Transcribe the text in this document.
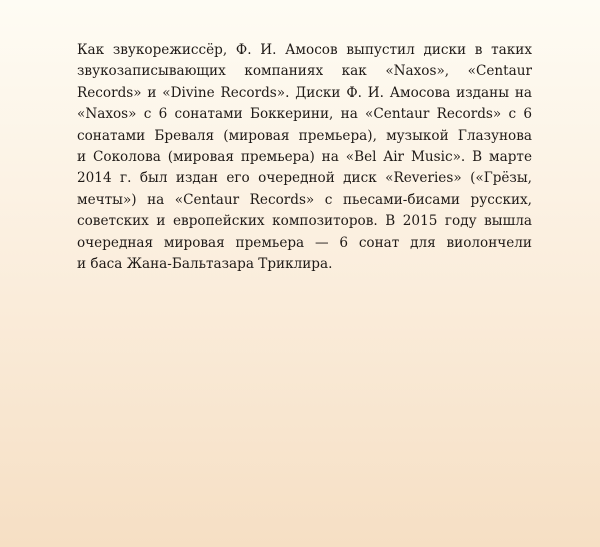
Как звукорежиссёр, Ф. И. Амосов выпустил диски в таких
звукозаписывающих компаниях как «Naxos», «Centaur
Records» и «Divine Records». Диски Ф. И. Амосова изданы на
«Naxos» с 6 сонатами Боккерини, на «Centaur Records» с 6
сонатами Бреваля (мировая премьера), музыкой Глазунова
и Соколова (мировая премьера) на «Bel Air Music». В марте
2014 г. был издан его очередной диск «Reveries» («Грёзы,
мечты») на «Centaur Records» с пьесами-бисами русских,
советских и европейских композиторов. В 2015 году вышла
очередная мировая премьера — 6 сонат для виолончели
и баса Жана-Бальтазара Триклира.
